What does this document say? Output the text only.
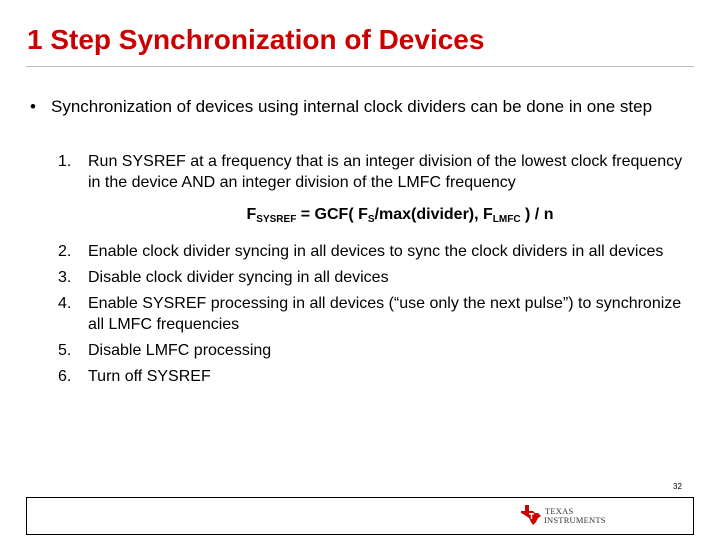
1 Step Synchronization of Devices
• Synchronization of devices using internal clock dividers can be done in one step
1. Run SYSREF at a frequency that is an integer division of the lowest clock frequency in the device AND an integer division of the LMFC frequency
$F_{SYSREF} = GCF$( $F_S/\max(divider)$, $F_{LMFC}$ ) / n
2. Enable clock divider syncing in all devices to sync the clock dividers in all devices
3. Disable clock divider syncing in all devices
4. Enable SYSREF processing in all devices (“use only the next pulse”) to synchronize all LMFC frequencies
5. Disable LMFC processing
6. Turn off SYSREF
32
TEXAS
INSTRUMENTS
